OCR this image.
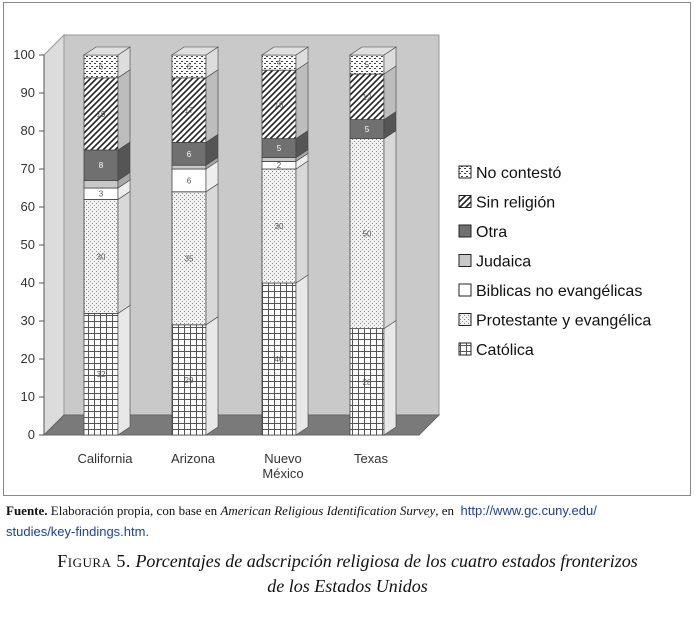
0
10
20
30
40
50
60
70
80
90
100
32
30
3
8
19
6
29
35
6
6
17
6
40
30
2
5
18
4
28
50
5
12
5
California	Arizona	Nuevo México
Texas
No contestó
Sin religión
Otra
Judaica
Biblicas no evangélicas
Protestante y evangélica
Católica
Fuente. Elaboración propia, con base en American Religious Identification Survey, en  http://www.gc.cuny.edu/
studies/key-findings.htm.
Figura 5. Porcentajes de adscripción religiosa de los cuatro estados fronterizos
de los Estados Unidos
